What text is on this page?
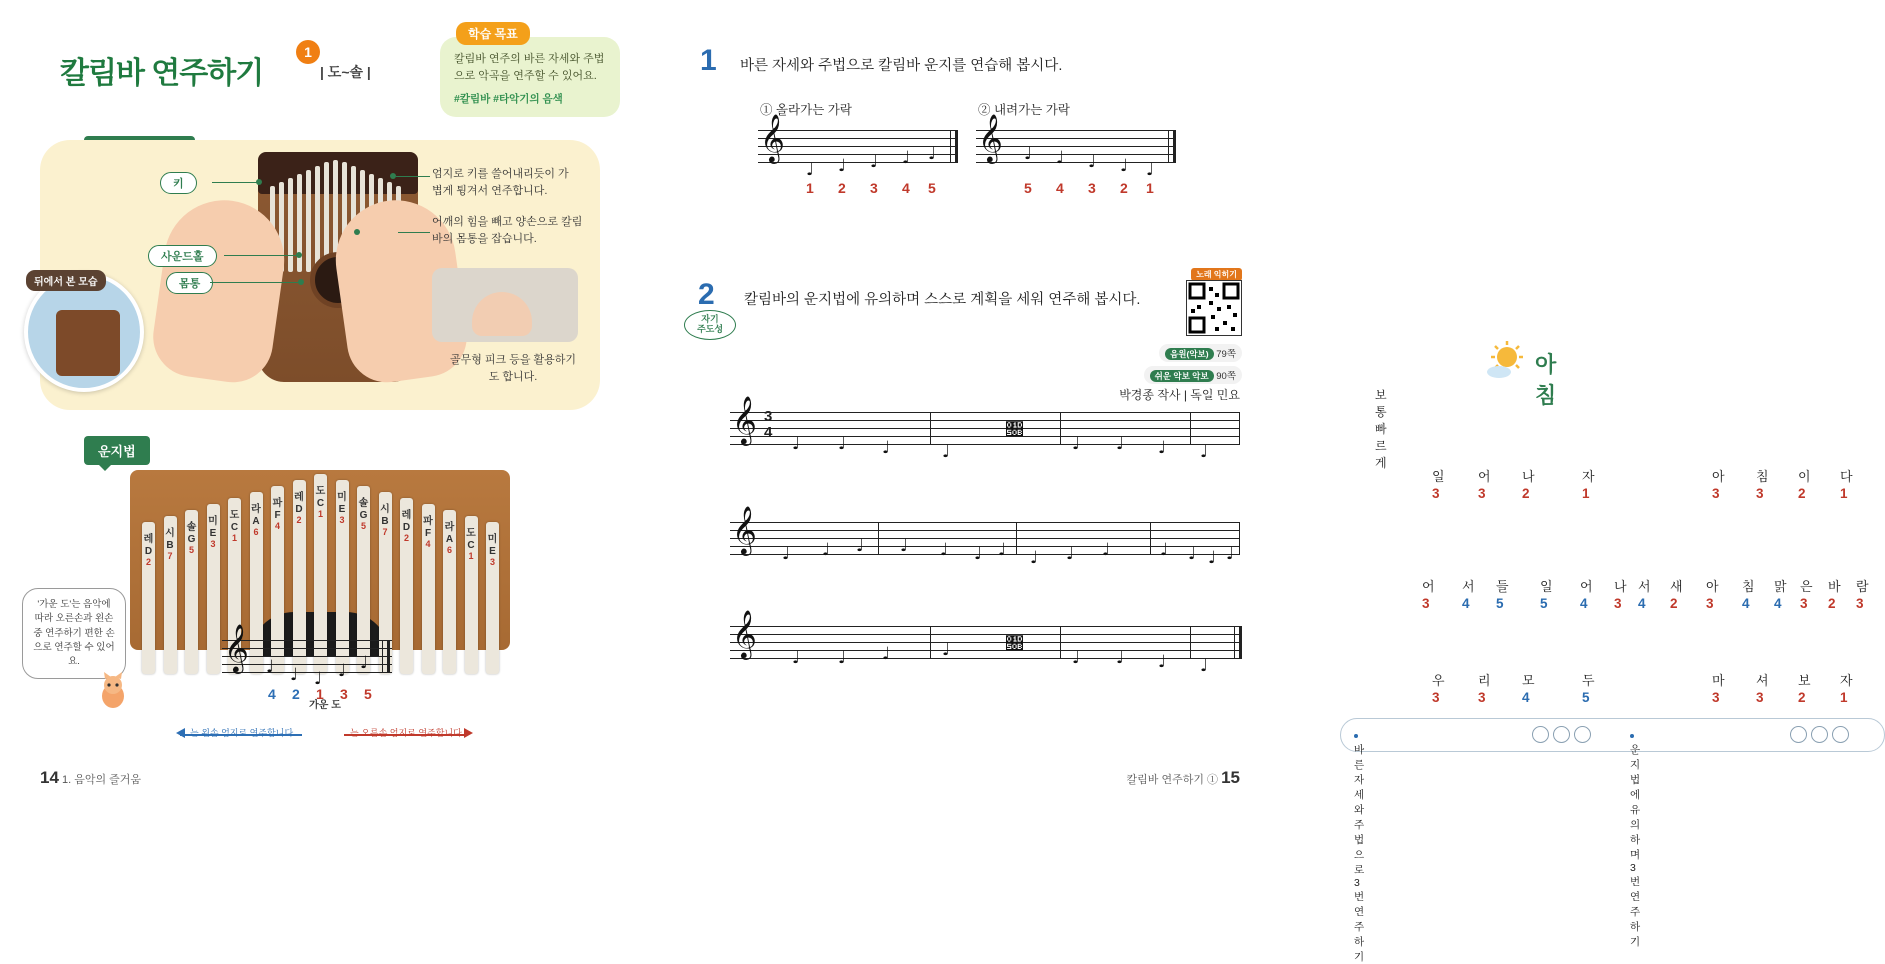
칼림바 연주하기
1
| 도~솔 |
학습 목표
칼림바 연주의 바른 자세와 주법으로 악곡을 연주할 수 있어요.
#칼림바 #타악기의 음색
뒤에서 본 모습
골무형 피크 등을 활용하기도 합니다.
키
사운드홀
몸통
엄지로 키를 쓸어내리듯이 가볍게 튕겨서 연주합니다.
어깨의 힘을 빼고 양손으로 칼림바의 몸통을 잡습니다.
운지법
레
D
2
시
B
7
솔
G
5
미
E
3
도
C
1
라
A
6
파
F
4
레
D
2
도
C
1
미
E
3
솔
G
5
시
B
7
레
D
2
파
F
4
라
A
6
도
C
1
미
E
3
'가운 도'는 음악에 따라 오른손과 왼손 중 연주하기 편한 손으로 연주할 수 있어요.	𝄞 ♩ ♩ ♩ ♩ ♩
4 2 1 3 5
가운 도
는 왼손 엄지로 연주합니다.	는 오른손 엄지로 연주합니다.
14 1. 음악의 즐거움
1 바른 자세와 주법으로 칼림바 운지를 연습해 봅시다.
① 올라가는 가락	② 내려가는 가락
𝄞
♩ ♩ ♩ ♩ ♩
1 2 3 4 5
𝄞 ♩ ♩ ♩ ♩ ♩
5 4 3 2 1
2
자기
주도성
칼림바의 운지법에 유의하며 스스로 계획을 세워 연주해 봅시다.
노래 익히기
음원(악보) 79쪽
쉬운 악보 악보 90쪽	아침
보통 빠르게
박경종 작사 | 독일 민요
𝄞 3
4
♩ ♩ ♩	♩
𝔋
♩ ♩ ♩ ♩
일	어 나	자	아 침 이 다
3	3	2	1	3	3	2	1
𝄞 ♩ ♩ ♩ ♩ ♩ ♩ ♩ ♩ ♩ ♩	♩ ♩ ♩ ♩
어 서 들 일 어 나 서 새 아 침 맑 은 바 람
3 4 5	5 4 3 4 2 3 4 4 3 2 3
𝄞 ♩ ♩ ♩	♩	𝔋
♩ ♩ ♩ ♩
우	리 모	두	마 셔 보 자
3	3	4	5	3	3	2	1
바른 자세와 주법으로 3번 연주하기
운지법에 유의하며 3번 연주하기
칼림바 연주하기 ① 15
